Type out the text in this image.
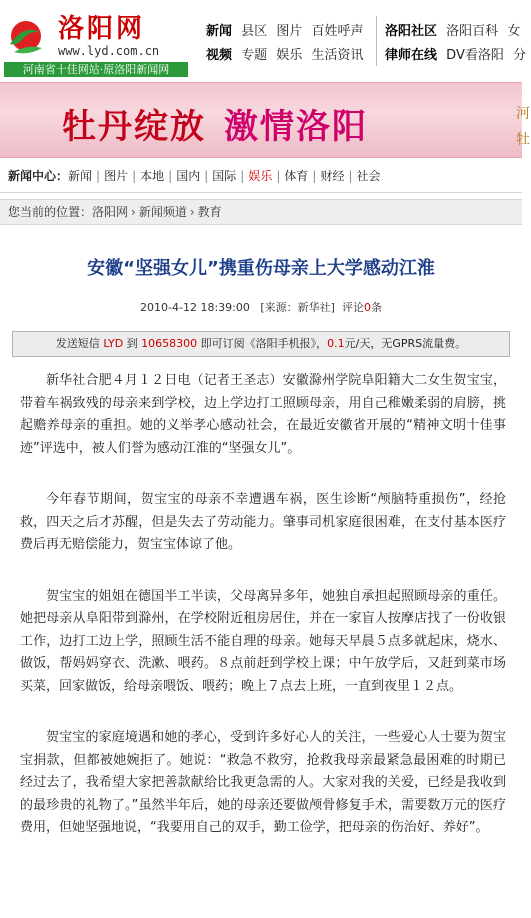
洛阳网
www.lyd.com.cn
河南省十佳网站·原洛阳新闻网
新闻 县区 图片 百姓呼声
视频 专题 娱乐 生活资讯
洛阳社区 洛阳百科 女
律师在线 DV看洛阳 分
牡丹绽放 激情洛阳	河
牡
新闻中心：新闻 | 图片 | 本地 | 国内 | 国际 | 娱乐 | 体育 | 财经 | 社会
您当前的位置：洛阳网 › 新闻频道 › 教育
安徽“坚强女儿”携重伤母亲上大学感动江淮
2010-4-12 18:39:00 [来源：新华社] 评论0条
发送短信 LYD 到 10658300 即可订阅《洛阳手机报》，0.1元/天，无GPRS流量费。

新华社合肥４月１２日电（记者王圣志）安徽滁州学院阜阳籍大二女生贺宝宝，带着车祸致残的母亲来到学校，边上学边打工照顾母亲，用自己稚嫩柔弱的肩膀，挑起赡养母亲的重担。她的义举孝心感动社会，在最近安徽省开展的“精神文明十佳事迹”评选中，被人们誉为感动江淮的“坚强女儿”。

今年春节期间，贺宝宝的母亲不幸遭遇车祸，医生诊断“颅脑特重损伤”，经抢救，四天之后才苏醒，但是失去了劳动能力。肇事司机家庭很困难，在支付基本医疗费后再无赔偿能力，贺宝宝体谅了他。

贺宝宝的姐姐在德国半工半读，父母离异多年，她独自承担起照顾母亲的重任。她把母亲从阜阳带到滁州，在学校附近租房居住，并在一家盲人按摩店找了一份收银工作，边打工边上学，照顾生活不能自理的母亲。她每天早晨５点多就起床，烧水、做饭，帮妈妈穿衣、洗漱、喂药。８点前赶到学校上课；中午放学后，又赶到菜市场买菜，回家做饭，给母亲喂饭、喂药；晚上７点去上班，一直到夜里１２点。

贺宝宝的家庭境遇和她的孝心，受到许多好心人的关注，一些爱心人士要为贺宝宝捐款，但都被她婉拒了。她说：“救急不救穷，抢救我母亲最紧急最困难的时期已经过去了，我希望大家把善款献给比我更急需的人。大家对我的关爱，已经是我收到的最珍贵的礼物了。”虽然半年后，她的母亲还要做颅骨修复手术，需要数万元的医疗费用，但她坚强地说，“我要用自己的双手，勤工俭学，把母亲的伤治好、养好”。
